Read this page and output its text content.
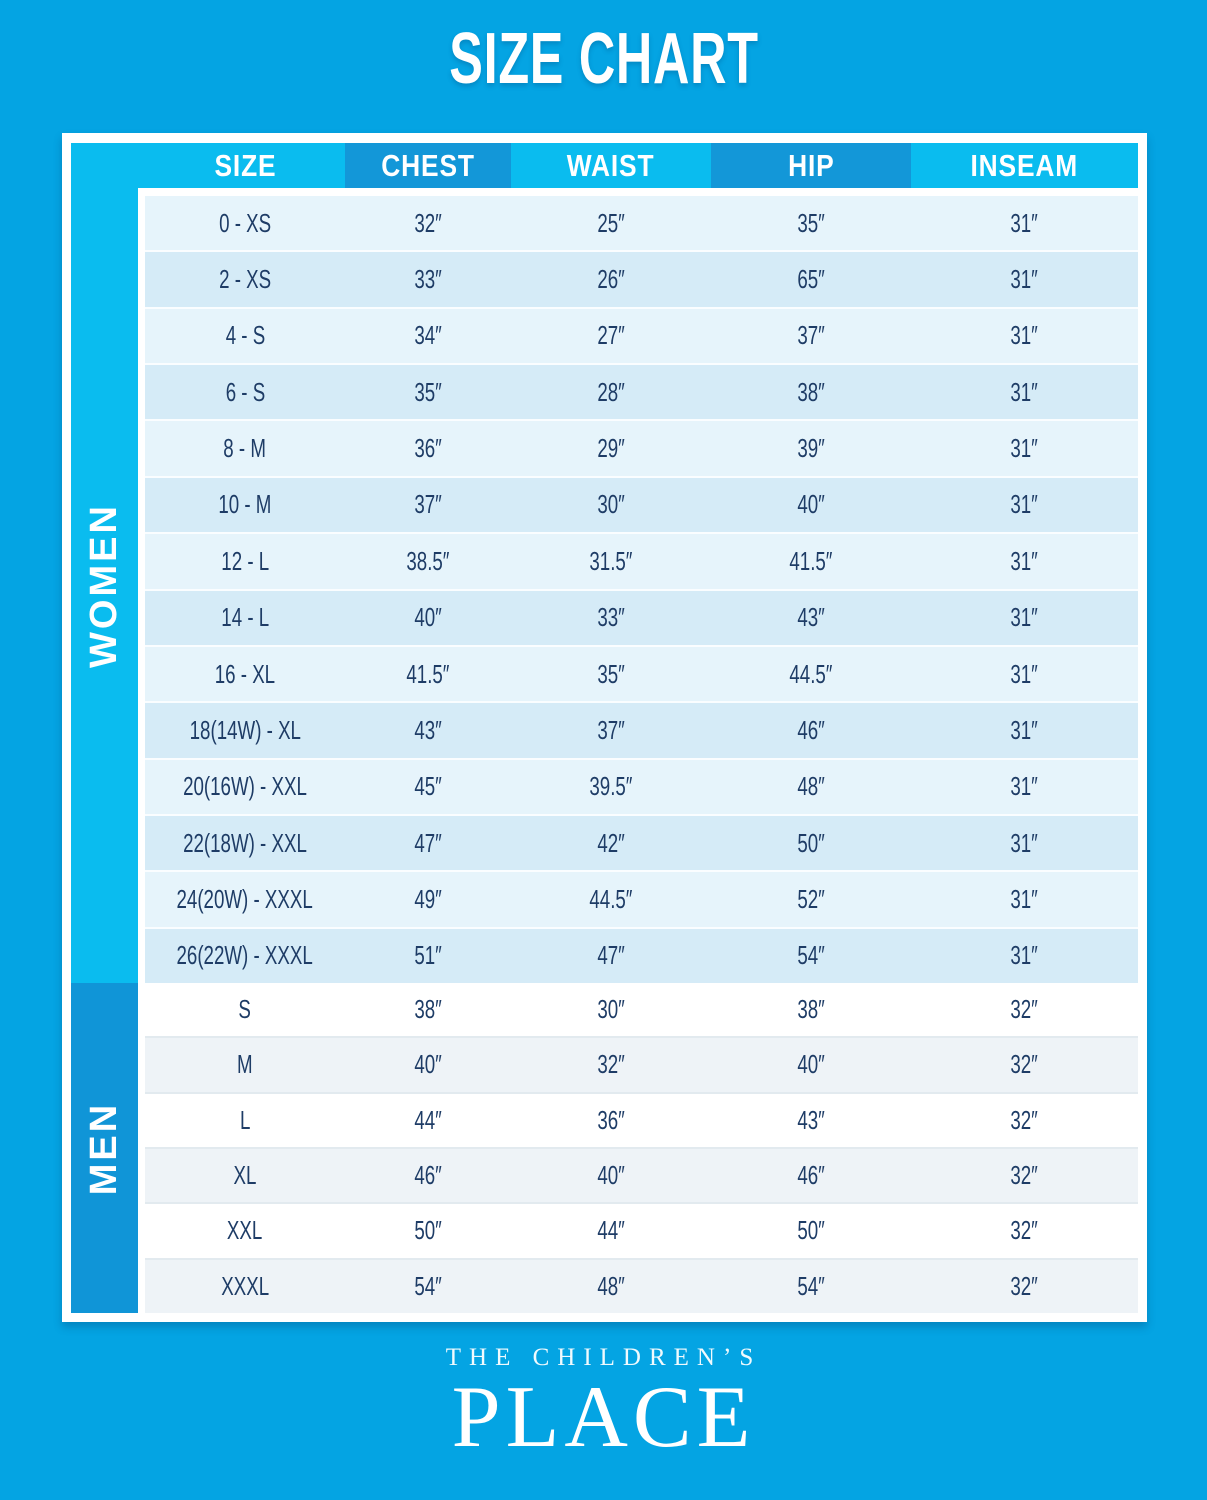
SIZE CHART
SIZE	CHEST	WAIST	HIP	INSEAM
WOMEN
MEN
0 - XS	32″	25″	35″	31″
2 - XS	33″	26″	65″	31″
4 - S	34″	27″	37″	31″
6 - S	35″	28″	38″	31″
8 - M	36″	29″	39″	31″
10 - M	37″	30″	40″	31″
12 - L	38.5″	31.5″	41.5″	31″
14 - L	40″	33″	43″	31″
16 - XL	41.5″	35″	44.5″	31″
18(14W) - XL	43″	37″	46″	31″
20(16W) - XXL	45″	39.5″	48″	31″
22(18W) - XXL	47″	42″	50″	31″
24(20W) - XXXL	49″	44.5″	52″	31″
26(22W) - XXXL	51″	47″	54″	31″
S	38″	30″	38″	32″
M	40″	32″	40″	32″
L	44″	36″	43″	32″
XL	46″	40″	46″	32″
XXL	50″	44″	50″	32″
XXXL	54″	48″	54″	32″
THE CHILDREN’S
PLACE
